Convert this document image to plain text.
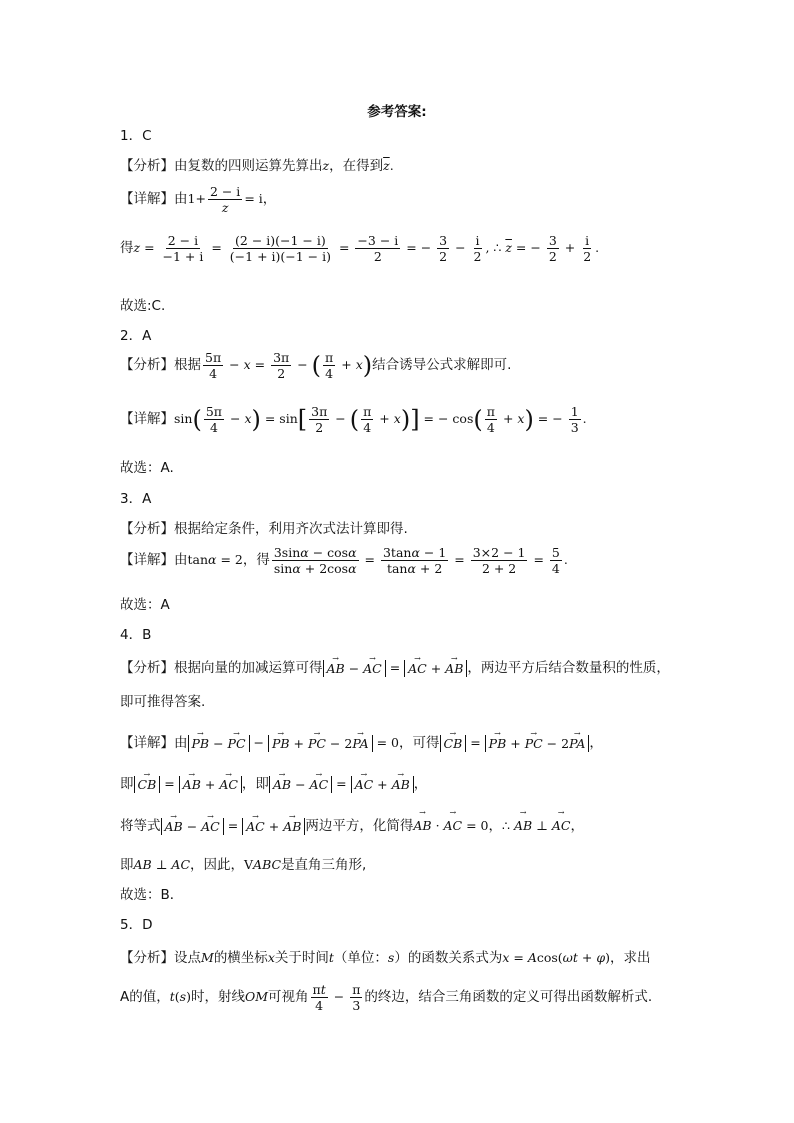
参考答案:
1．C
【分析】由复数的四则运算先算出z，在得到$\overline{z}$.
【详解】由$1+ \frac{2 - i}{z} = i$，
得$z = \frac{2 - i}{-1 + i} = \frac{(2 - i)(-1 - i)}{(-1 + i)(-1 - i)} = \frac{-3 - i}{2}$ = − $\frac{3}{2} - \frac{i}{2}$ , ∴ $\overline{z}$ = − $\frac{3}{2} + \frac{i}{2}$ .
故选:C.
2．A
【分析】根据 $\frac{5\pi}{4} - x = \frac{3\pi}{2}$ − ( $\frac{\pi}{4} + x$)结合诱导公式求解即可.
【详解】$\sin( \frac{5\pi}{4} - x) = \sin[ \frac{3\pi}{2}$ − ( $\frac{\pi}{4} + x$)] = − $\cos( \frac{\pi}{4} + x)$ = − $\frac{1}{3}$ .
故选：A.
3．A
【分析】根据给定条件，利用齐次式法计算即得.
【详解】由tanα = 2，得 $\frac{3\sin\alpha - \cos\alpha}{\sin\alpha + 2\cos\alpha} = \frac{3\tan\alpha - 1}{\tan\alpha + 2} = \frac{3\times 2 - 1}{2 + 2} = \frac{5}{4}$ .
故选：A
4．B
【分析】根据向量的加减运算可得 → AB − → AC = → AC + → AB ，两边平方后结合数量积的性质，
即可推得答案.
【详解】由 → PB − → PC − → PB + → PC − 2→ PA = 0，可得 → CB = → PB + → PC − 2→ PA ，
即 → CB = → AB + → AC ，即 → AB − → AC = → AC + → AB ，
将等式 → AB − → AC = → AC + → AB 两边平方，化简得→ AB · → AC = 0，∴ → AB ⊥ → AC，
即AB ⊥ AC，因此，VABC是直角三角形,
故选：B．
5．D
【分析】设点M的横坐标x关于时间t（单位：s）的函数关系式为x = Acos(ωt + φ)，求出
A的值，t(s)时，射线OM可视角 $\frac{\pi t}{4} - \frac{\pi}{3}$ 的终边，结合三角函数的定义可得出函数解析式.
